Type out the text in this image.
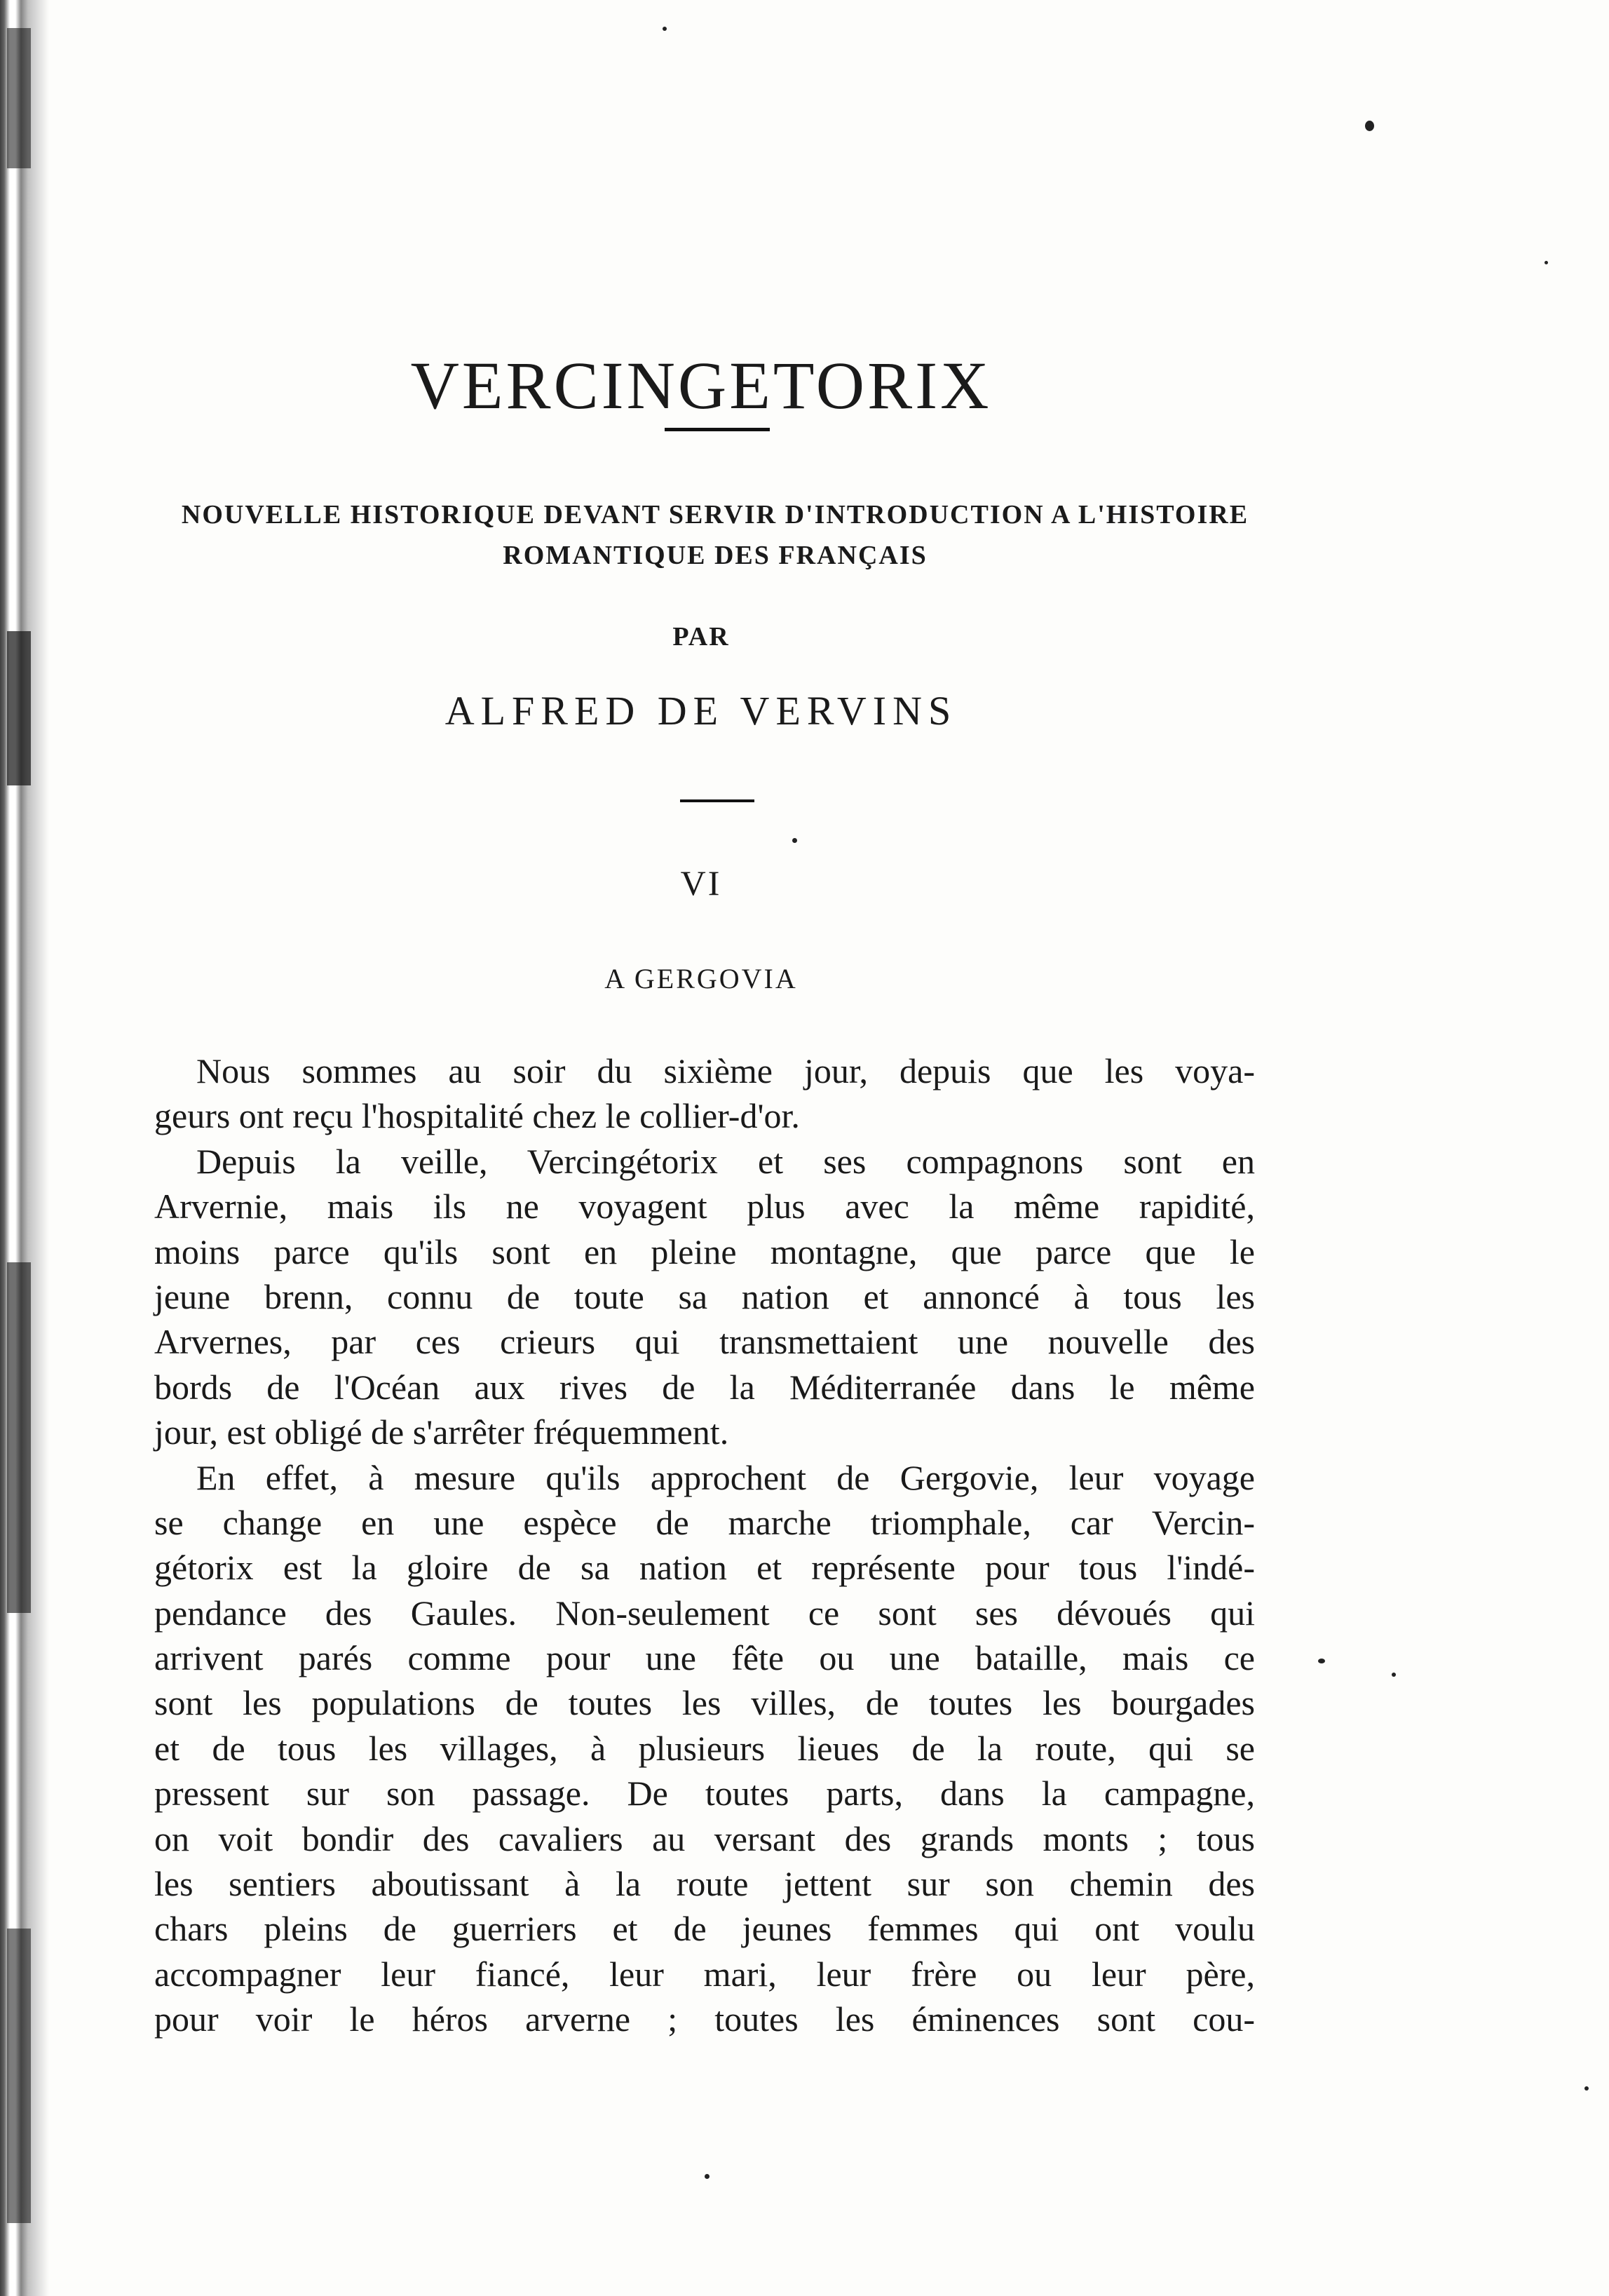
VERCINGETORIX
NOUVELLE HISTORIQUE DEVANT SERVIR D'INTRODUCTION A L'HISTOIRE
ROMANTIQUE DES FRANÇAIS
PAR
ALFRED DE VERVINS
VI
A GERGOVIA
Nous sommes au soir du sixième jour, depuis que les voya-
geurs ont reçu l'hospitalité chez le collier-d'or.
Depuis la veille, Vercingétorix et ses compagnons sont en
Arvernie, mais ils ne voyagent plus avec la même rapidité,
moins parce qu'ils sont en pleine montagne, que parce que le
jeune brenn, connu de toute sa nation et annoncé à tous les
Arvernes, par ces crieurs qui transmettaient une nouvelle des
bords de l'Océan aux rives de la Méditerranée dans le même
jour, est obligé de s'arrêter fréquemment.
En effet, à mesure qu'ils approchent de Gergovie, leur voyage
se change en une espèce de marche triomphale, car Vercin-
gétorix est la gloire de sa nation et représente pour tous l'indé-
pendance des Gaules. Non-seulement ce sont ses dévoués qui
arrivent parés comme pour une fête ou une bataille, mais ce
sont les populations de toutes les villes, de toutes les bourgades
et de tous les villages, à plusieurs lieues de la route, qui se
pressent sur son passage. De toutes parts, dans la campagne,
on voit bondir des cavaliers au versant des grands monts ; tous
les sentiers aboutissant à la route jettent sur son chemin des
chars pleins de guerriers et de jeunes femmes qui ont voulu
accompagner leur fiancé, leur mari, leur frère ou leur père,
pour voir le héros arverne ; toutes les éminences sont cou-
